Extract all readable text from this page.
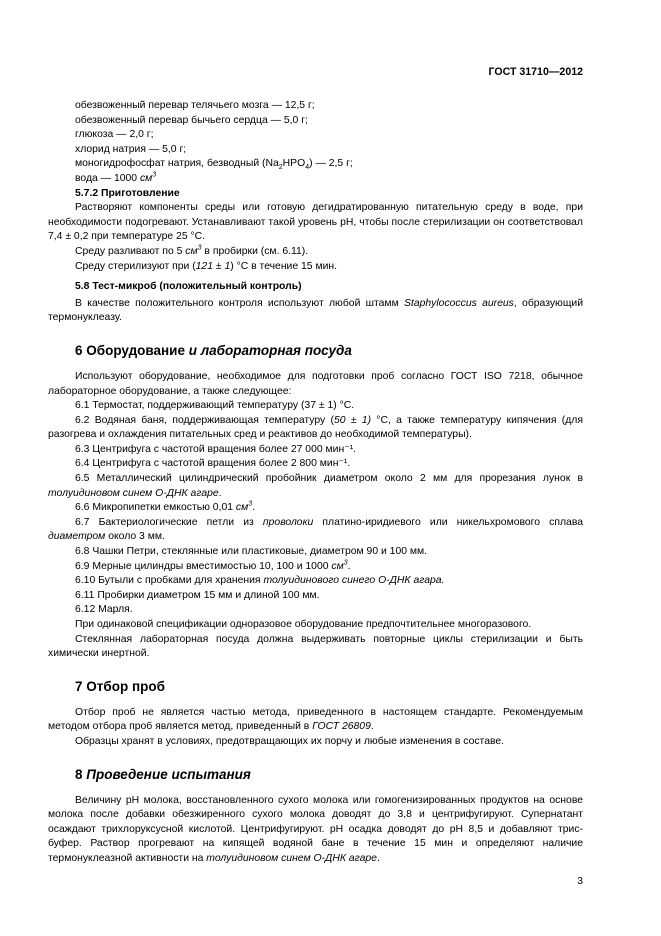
ГОСТ 31710—2012

обезвоженный перевар телячьего мозга — 12,5 г;

обезвоженный перевар бычьего сердца — 5,0 г;

глюкоза — 2,0 г;

хлорид натрия — 5,0 г;

моногидрофосфат натрия, безводный $(Na_2HPO_4)$ — 2,5 г;

вода — 1000 $см^3$

5.7.2 Приготовление

Растворяют компоненты среды или готовую дегидратированную питательную среду в воде, при необходимости подогревают. Устанавливают такой уровень pH, чтобы после стерилизации он соответствовал 7,4 ± 0,2 при температуре 25 °С.

Среду разливают по 5 $см^3$ в пробирки (см. 6.11).

Среду стерилизуют при (121 ± 1) °С в течение 15 мин.

5.8 Тест-микроб (положительный контроль)

В качестве положительного контроля используют любой штамм Staphylococcus aureus, образующий термонуклеазу.

6 Оборудование и лабораторная посуда

Используют оборудование, необходимое для подготовки проб согласно ГОСТ ISO 7218, обычное лабораторное оборудование, а также следующее:

6.1 Термостат, поддерживающий температуру (37 ± 1) °С.

6.2 Водяная баня, поддерживающая температуру (50 ± 1) °С, а также температуру кипячения (для разогрева и охлаждения питательных сред и реактивов до необходимой температуры).

6.3 Центрифуга с частотой вращения более 27 000 мин⁻¹.

6.4 Центрифуга с частотой вращения более 2 800 мин⁻¹.

6.5 Металлический цилиндрический пробойник диаметром около 2 мм для прорезания лунок в толуидиновом синем О-ДНК агаре.

6.6 Микропипетки емкостью 0,01 $см^3$.

6.7 Бактериологические петли из проволоки платино-иридиевого или никельхромового сплава диаметром около 3 мм.

6.8 Чашки Петри, стеклянные или пластиковые, диаметром 90 и 100 мм.

6.9 Мерные цилиндры вместимостью 10, 100 и 1000 $см^3$.

6.10 Бутыли с пробками для хранения толуидинового синего О-ДНК агара.

6.11 Пробирки диаметром 15 мм и длиной 100 мм.

6.12 Марля.

При одинаковой спецификации одноразовое оборудование предпочтительнее многоразового.

Стеклянная лабораторная посуда должна выдерживать повторные циклы стерилизации и быть химически инертной.

7 Отбор проб

Отбор проб не является частью метода, приведенного в настоящем стандарте. Рекомендуемым методом отбора проб является метод, приведенный в ГОСТ 26809.

Образцы хранят в условиях, предотвращающих их порчу и любые изменения в составе.

8 Проведение испытания

Величину pH молока, восстановленного сухого молока или гомогенизированных продуктов на основе молока после добавки обезжиренного сухого молока доводят до 3,8 и центрифугируют. Супернатант осаждают трихлоруксусной кислотой. Центрифугируют. pH осадка доводят до pH 8,5 и добавляют трис-буфер. Раствор прогревают на кипящей водяной бане в течение 15 мин и определяют наличие термонуклеазной активности на толуидиновом синем О-ДНК агаре.

3
